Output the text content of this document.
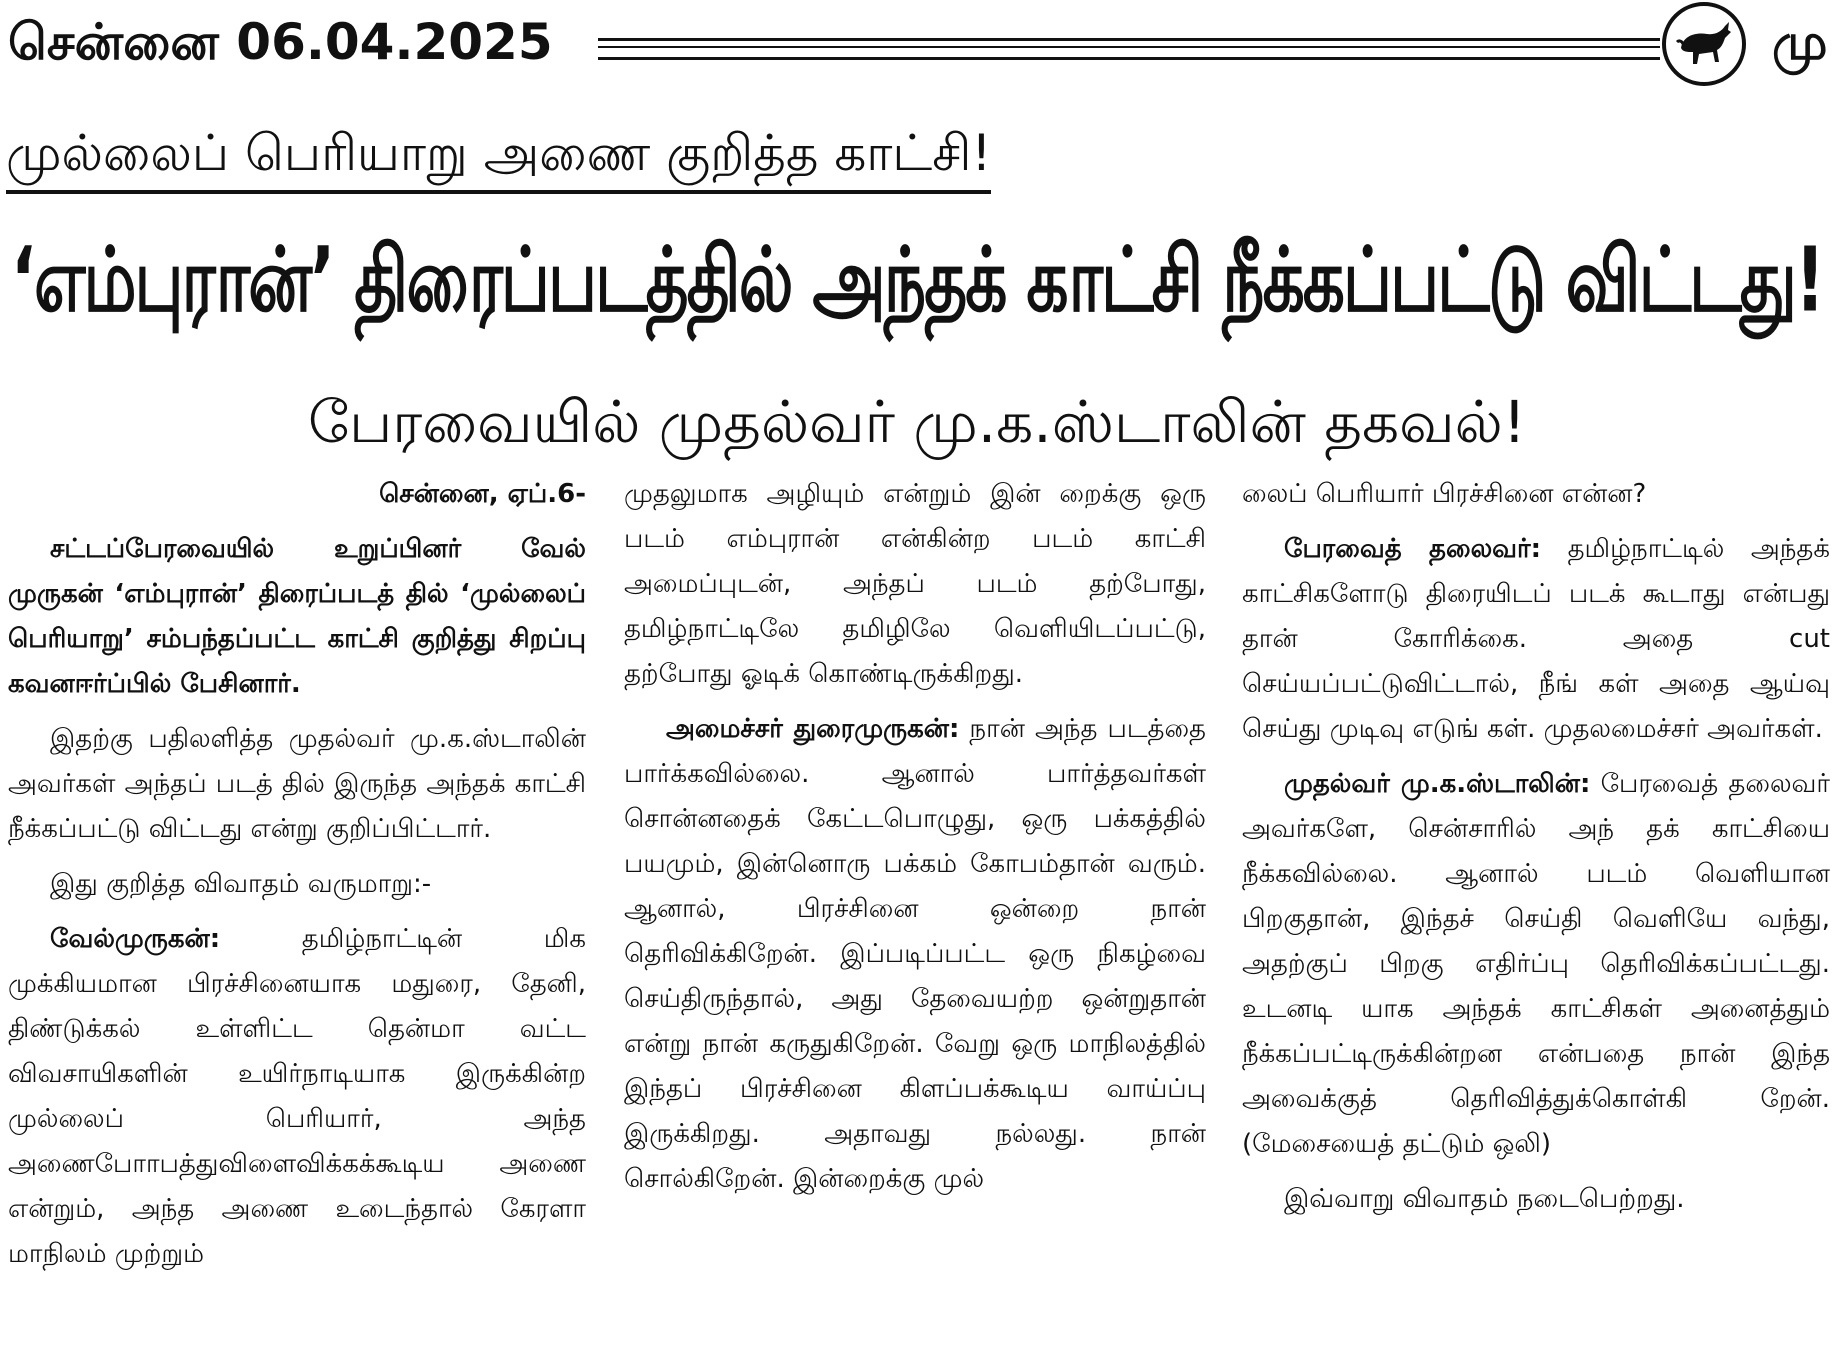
சென்னை 06.04.2025	மு
முல்லைப் பெரியாறு அணை குறித்த காட்சி!
‘எம்புரான்’ திரைப்படத்தில் அந்தக் காட்சி நீக்கப்பட்டு விட்டது!
பேரவையில் முதல்வர் மு.க.ஸ்டாலின் தகவல்!

சென்னை, ஏப்.6-

சட்டப்பேரவையில் உறுப்பினர் வேல் முருகன் ‘எம்புரான்’ திரைப்படத் தில் ‘முல்லைப் பெரியாறு’ சம்பந்தப்பட்ட காட்சி குறித்து சிறப்பு கவனஈர்ப்பில் பேசினார்.

இதற்கு பதிலளித்த முதல்வர் மு.க.ஸ்டாலின் அவர்கள் அந்தப் படத் தில் இருந்த அந்தக் காட்சி நீக்கப்பட்டு விட்டது என்று குறிப்பிட்டார்.

இது குறித்த விவாதம் வருமாறு:-

வேல்முருகன்: தமிழ்நாட்டின் மிக முக்கியமான பிரச்சினையாக மதுரை, தேனி, திண்டுக்கல் உள்ளிட்ட தென்மா வட்ட விவசாயிகளின் உயிர்நாடியாக இருக்கின்ற முல்லைப் பெரியார், அந்த அணைபோாபத்துவிளைவிக்கக்கூடிய அணை என்றும், அந்த அணை உடைந்தால் கேரளா மாநிலம் முற்றும்

முதலுமாக அழியும் என்றும் இன் றைக்கு ஒரு படம் எம்புரான் என்கின்ற படம் காட்சி அமைப்புடன், அந்தப் படம் தற்போது, தமிழ்நாட்டிலே தமிழிலே வெளியிடப்பட்டு, தற்போது ஓடிக் கொண்டிருக்கிறது.

அமைச்சர் துரைமுருகன்: நான் அந்த படத்தை பார்க்கவில்லை. ஆனால் பார்த்தவர்கள் சொன்னதைக் கேட்டபொழுது, ஒரு பக்கத்தில் பயமும், இன்னொரு பக்கம் கோபம்தான் வரும். ஆனால், பிரச்சினை ஒன்றை நான் தெரிவிக்கிறேன். இப்படிப்பட்ட ஒரு நிகழ்வை செய்திருந்தால், அது தேவையற்ற ஒன்றுதான் என்று நான் கருதுகிறேன். வேறு ஒரு மாநிலத்தில் இந்தப் பிரச்சினை கிளப்பக்கூடிய வாய்ப்பு இருக்கிறது. அதாவது நல்லது. நான் சொல்கிறேன். இன்றைக்கு முல்

லைப் பெரியார் பிரச்சினை என்ன?

பேரவைத் தலைவர்: தமிழ்நாட்டில் அந்தக் காட்சிகளோடு திரையிடப் படக் கூடாது என்பது தான் கோரிக்கை. அதை cut செய்யப்பட்டுவிட்டால், நீங் கள் அதை ஆய்வு செய்து முடிவு எடுங் கள். முதலமைச்சர் அவர்கள்.

முதல்வர் மு.க.ஸ்டாலின்: பேரவைத் தலைவர் அவர்களே, சென்சாரில் அந் தக் காட்சியை நீக்கவில்லை. ஆனால் படம் வெளியான பிறகுதான், இந்தச் செய்தி வெளியே வந்து, அதற்குப் பிறகு எதிர்ப்பு தெரிவிக்கப்பட்டது. உடனடி யாக அந்தக் காட்சிகள் அனைத்தும் நீக்கப்பட்டிருக்கின்றன என்பதை நான் இந்த அவைக்குத் தெரிவித்துக்கொள்கி றேன். (மேசையைத் தட்டும் ஒலி)

இவ்வாறு விவாதம் நடைபெற்றது.
